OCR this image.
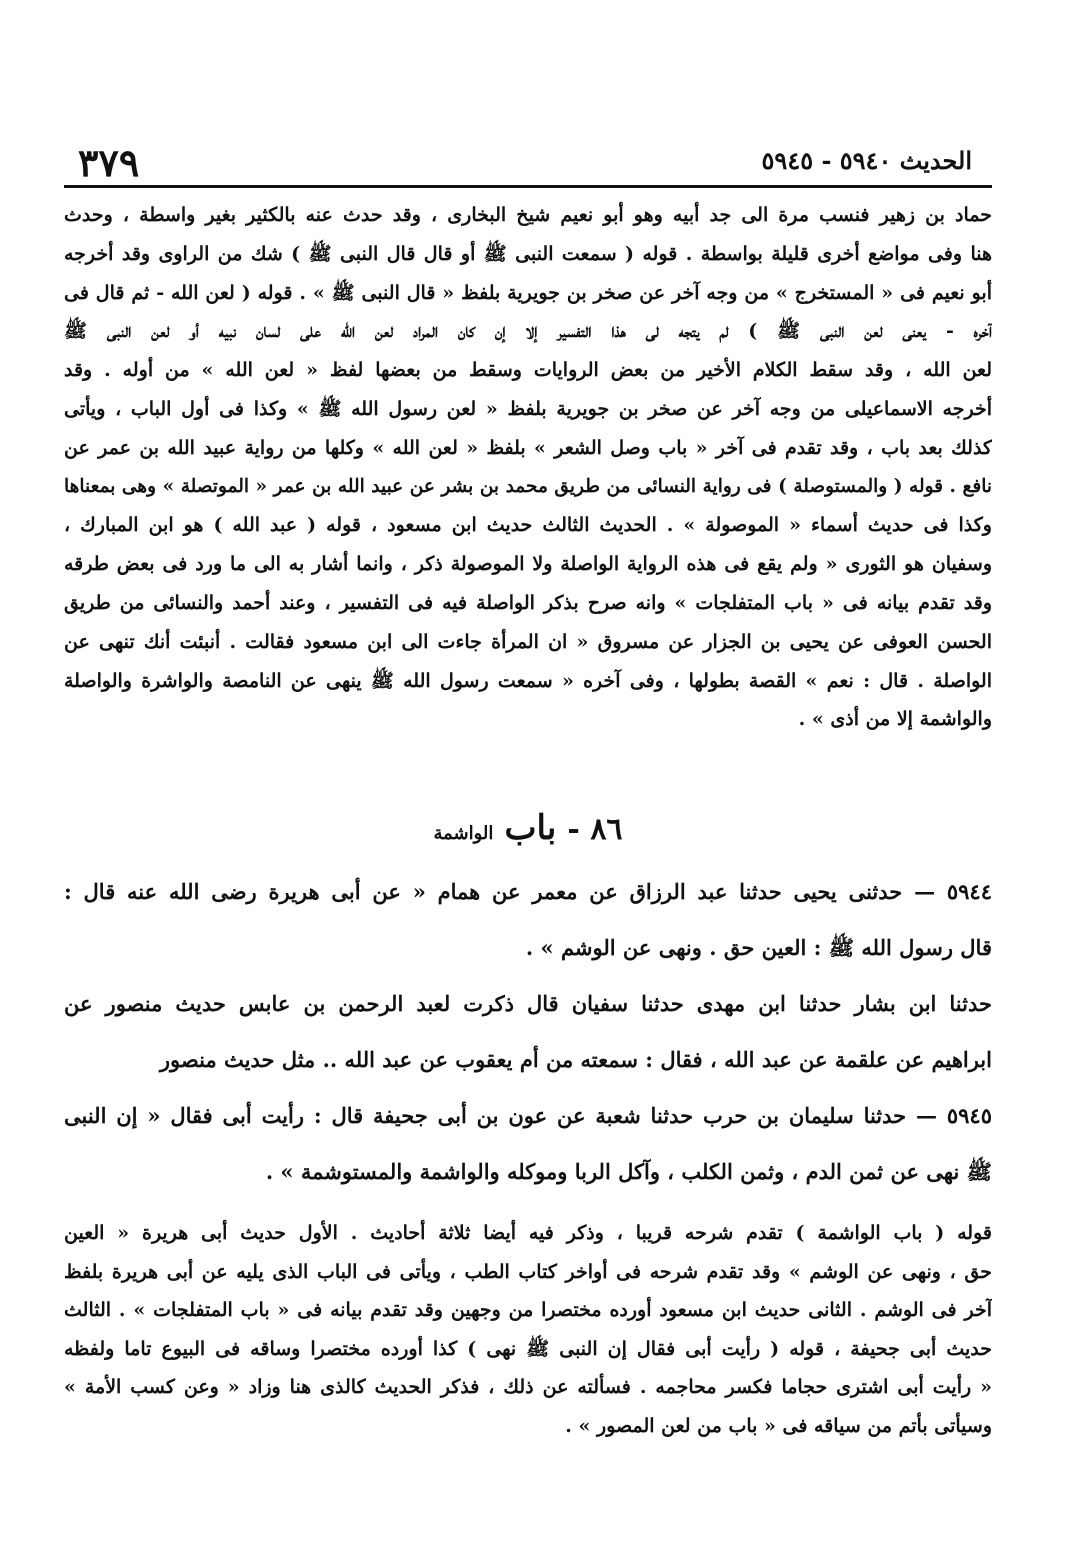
الحديث ٥٩٤٠ - ٥٩٤٥
٣٧٩
حماد بن زهير فنسب مرة الى جد أبيه وهو أبو نعيم شيخ البخارى ، وقد حدث عنه بالكثير بغير واسطة ، وحدث
هنا وفى مواضع أخرى قليلة بواسطة . قوله ( سمعت النبى ﷺ أو قال قال النبى ﷺ ) شك من الراوى وقد أخرجه
أبو نعيم فى « المستخرج » من وجه آخر عن صخر بن جويرية بلفظ « قال النبى ﷺ » . قوله ( لعن الله - ثم قال فى
آخره - يعنى لعن النبى ﷺ ) لم يتجه لى هذا التفسير إلا إن كان المراد لعن الله على لسان نبيه أو لعن النبى ﷺ
لعن الله ، وقد سقط الكلام الأخير من بعض الروايات وسقط من بعضها لفظ « لعن الله » من أوله . وقد
أخرجه الاسماعيلى من وجه آخر عن صخر بن جويرية بلفظ « لعن رسول الله ﷺ » وكذا فى أول الباب ، ويأتى
كذلك بعد باب ، وقد تقدم فى آخر « باب وصل الشعر » بلفظ « لعن الله » وكلها من رواية عبيد الله بن عمر عن
نافع . قوله ( والمستوصلة ) فى رواية النسائى من طريق محمد بن بشر عن عبيد الله بن عمر « الموتصلة » وهى بمعناها
وكذا فى حديث أسماء « الموصولة » . الحديث الثالث حديث ابن مسعود ، قوله ( عبد الله ) هو ابن المبارك ،
وسفيان هو الثورى « ولم يقع فى هذه الرواية الواصلة ولا الموصولة ذكر ، وانما أشار به الى ما ورد فى بعض طرقه
وقد تقدم بيانه فى « باب المتفلجات » وانه صرح بذكر الواصلة فيه فى التفسير ، وعند أحمد والنسائى من طريق
الحسن العوفى عن يحيى بن الجزار عن مسروق « ان المرأة جاءت الى ابن مسعود فقالت . أنبئت أنك تنهى عن
الواصلة . قال : نعم » القصة بطولها ، وفى آخره « سمعت رسول الله ﷺ ينهى عن النامصة والواشرة والواصلة
والواشمة إلا من أذى » .
٨٦ - باب الواشمة
٥٩٤٤ — حدثنى يحيى حدثنا عبد الرزاق عن معمر عن همام « عن أبى هريرة رضى الله عنه قال :
قال رسول الله ﷺ : العين حق . ونهى عن الوشم » .
حدثنا ابن بشار حدثنا ابن مهدى حدثنا سفيان قال ذكرت لعبد الرحمن بن عابس حديث منصور عن
ابراهيم عن علقمة عن عبد الله ، فقال : سمعته من أم يعقوب عن عبد الله .. مثل حديث منصور
٥٩٤٥ — حدثنا سليمان بن حرب حدثنا شعبة عن عون بن أبى جحيفة قال : رأيت أبى فقال « إن النبى
ﷺ نهى عن ثمن الدم ، وثمن الكلب ، وآكل الربا وموكله والواشمة والمستوشمة » .
قوله ( باب الواشمة ) تقدم شرحه قريبا ، وذكر فيه أيضا ثلاثة أحاديث . الأول حديث أبى هريرة « العين
حق ، ونهى عن الوشم » وقد تقدم شرحه فى أواخر كتاب الطب ، ويأتى فى الباب الذى يليه عن أبى هريرة بلفظ
آخر فى الوشم . الثانى حديث ابن مسعود أورده مختصرا من وجهين وقد تقدم بيانه فى « باب المتفلجات » . الثالث
حديث أبى جحيفة ، قوله ( رأيت أبى فقال إن النبى ﷺ نهى ) كذا أورده مختصرا وساقه فى البيوع تاما ولفظه
« رأيت أبى اشترى حجاما فكسر محاجمه . فسألته عن ذلك ، فذكر الحديث كالذى هنا وزاد « وعن كسب الأمة »
وسيأتى بأتم من سياقه فى « باب من لعن المصور » .
